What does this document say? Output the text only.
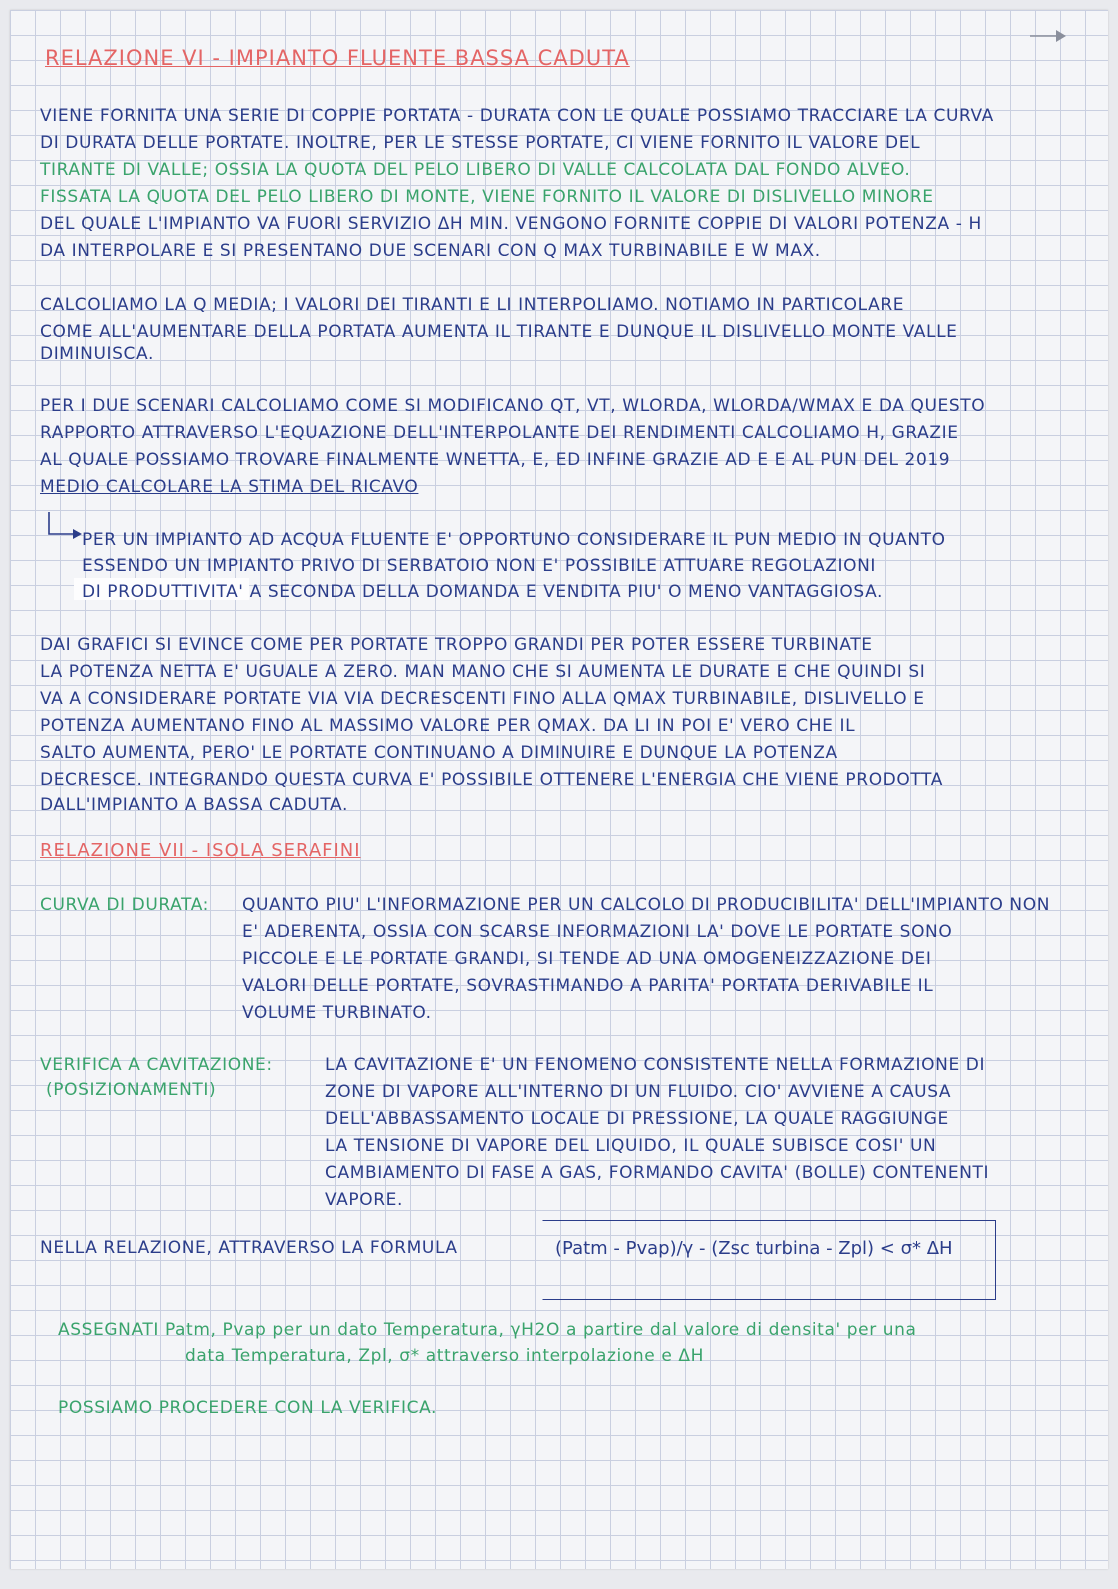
RELAZIONE VI - IMPIANTO FLUENTE BASSA CADUTA
VIENE FORNITA UNA SERIE DI COPPIE PORTATA - DURATA CON LE QUALE POSSIAMO TRACCIARE LA CURVA
DI DURATA DELLE PORTATE. INOLTRE, PER LE STESSE PORTATE, CI VIENE FORNITO IL VALORE DEL
TIRANTE DI VALLE; OSSIA LA QUOTA DEL PELO LIBERO DI VALLE CALCOLATA DAL FONDO ALVEO.
FISSATA LA QUOTA DEL PELO LIBERO DI MONTE, VIENE FORNITO IL VALORE DI DISLIVELLO MINORE
DEL QUALE L'IMPIANTO VA FUORI SERVIZIO ΔH MIN. VENGONO FORNITE COPPIE DI VALORI POTENZA - Η
DA INTERPOLARE E SI PRESENTANO DUE SCENARI CON Q MAX TURBINABILE E W MAX.
CALCOLIAMO LA Q MEDIA; I VALORI DEI TIRANTI E LI INTERPOLIAMO. NOTIAMO IN PARTICOLARE
COME ALL'AUMENTARE DELLA PORTATA AUMENTA IL TIRANTE E DUNQUE IL DISLIVELLO MONTE VALLE
DIMINUISCA.
PER I DUE SCENARI CALCOLIAMO COME SI MODIFICANO QT, VT, WLORDA, WLORDA/WMAX E DA QUESTO
RAPPORTO ATTRAVERSO L'EQUAZIONE DELL'INTERPOLANTE DEI RENDIMENTI CALCOLIAMO Η, GRAZIE
AL QUALE POSSIAMO TROVARE FINALMENTE WNETTA, E, ED INFINE GRAZIE AD E E AL PUN DEL 2019
MEDIO CALCOLARE LA STIMA DEL RICAVO
PER UN IMPIANTO AD ACQUA FLUENTE E' OPPORTUNO CONSIDERARE IL PUN MEDIO IN QUANTO
ESSENDO UN IMPIANTO PRIVO DI SERBATOIO NON E' POSSIBILE ATTUARE REGOLAZIONI
DI PRODUTTIVITA' A SECONDA DELLA DOMANDA E VENDITA PIU' O MENO VANTAGGIOSA.
DAI GRAFICI SI EVINCE COME PER PORTATE TROPPO GRANDI PER POTER ESSERE TURBINATE
LA POTENZA NETTA E' UGUALE A ZERO. MAN MANO CHE SI AUMENTA LE DURATE E CHE QUINDI SI
VA A CONSIDERARE PORTATE VIA VIA DECRESCENTI FINO ALLA QMAX TURBINABILE, DISLIVELLO E
POTENZA AUMENTANO FINO AL MASSIMO VALORE PER QMAX. DA LI IN POI E' VERO CHE IL
SALTO AUMENTA, PERO' LE PORTATE CONTINUANO A DIMINUIRE E DUNQUE LA POTENZA
DECRESCE. INTEGRANDO QUESTA CURVA E' POSSIBILE OTTENERE L'ENERGIA CHE VIENE PRODOTTA
DALL'IMPIANTO A BASSA CADUTA.
RELAZIONE VII - ISOLA SERAFINI
CURVA DI DURATA: QUANTO PIU' L'INFORMAZIONE PER UN CALCOLO DI PRODUCIBILITA' DELL'IMPIANTO NON
E' ADERENTA, OSSIA CON SCARSE INFORMAZIONI LA' DOVE LE PORTATE SONO
PICCOLE E LE PORTATE GRANDI, SI TENDE AD UNA OMOGENEIZZAZIONE DEI
VALORI DELLE PORTATE, SOVRASTIMANDO A PARITA' PORTATA DERIVABILE IL
VOLUME TURBINATO.
VERIFICA A CAVITAZIONE:
(POSIZIONAMENTI)
LA CAVITAZIONE E' UN FENOMENO CONSISTENTE NELLA FORMAZIONE DI
ZONE DI VAPORE ALL'INTERNO DI UN FLUIDO. CIO' AVVIENE A CAUSA
DELL'ABBASSAMENTO LOCALE DI PRESSIONE, LA QUALE RAGGIUNGE
LA TENSIONE DI VAPORE DEL LIQUIDO, IL QUALE SUBISCE COSI' UN
CAMBIAMENTO DI FASE A GAS, FORMANDO CAVITA' (BOLLE) CONTENENTI
VAPORE.
NELLA RELAZIONE, ATTRAVERSO LA FORMULA	(Patm - Pvap)/γ - (Zsc turbina - Zpl) < σ* ΔH
ASSEGNATI Patm, Pvap per un dato Temperatura, γH2O a partire dal valore di densita' per una
data Temperatura, Zpl, σ* attraverso interpolazione e ΔH
POSSIAMO PROCEDERE CON LA VERIFICA.
